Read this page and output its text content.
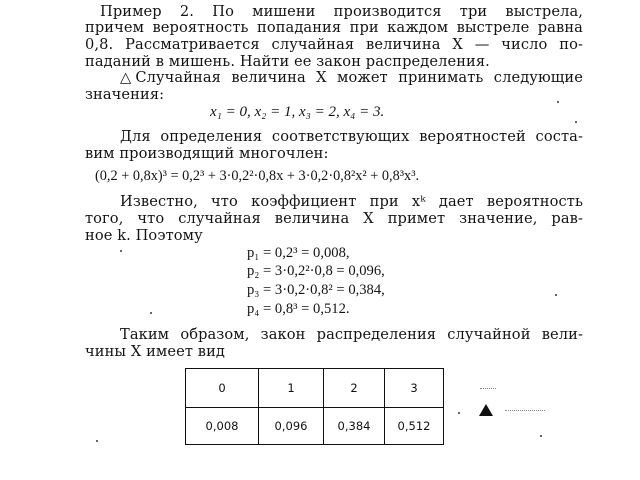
Пример 2. По мишени производится три выстрела,
причем вероятность попадания при каждом выстреле равна
0,8. Рассматривается случайная величина X — число по-
паданий в мишень. Найти ее закон распределения.
△ Случайная величина X может принимать следующие
значения:
x₁ = 0, x₂ = 1, x₃ = 2, x₄ = 3.
Для определения соответствующих вероятностей соста-
вим производящий многочлен:
(0,2 + 0,8x)³ = 0,2³ + 3·0,2²·0,8x + 3·0,2·0,8²x² + 0,8³x³.
Известно, что коэффициент при xᵏ дает вероятность
того, что случайная величина X примет значение, рав-
ное k. Поэтому
p₁ = 0,2³ = 0,008,
p₂ = 3·0,2²·0,8 = 0,096,
p₃ = 3·0,2·0,8² = 0,384,
p₄ = 0,8³ = 0,512.
Таким образом, закон распределения случайной вели-
чины X имеет вид
0	1	2	3
0,008	0,096	0,384	0,512
